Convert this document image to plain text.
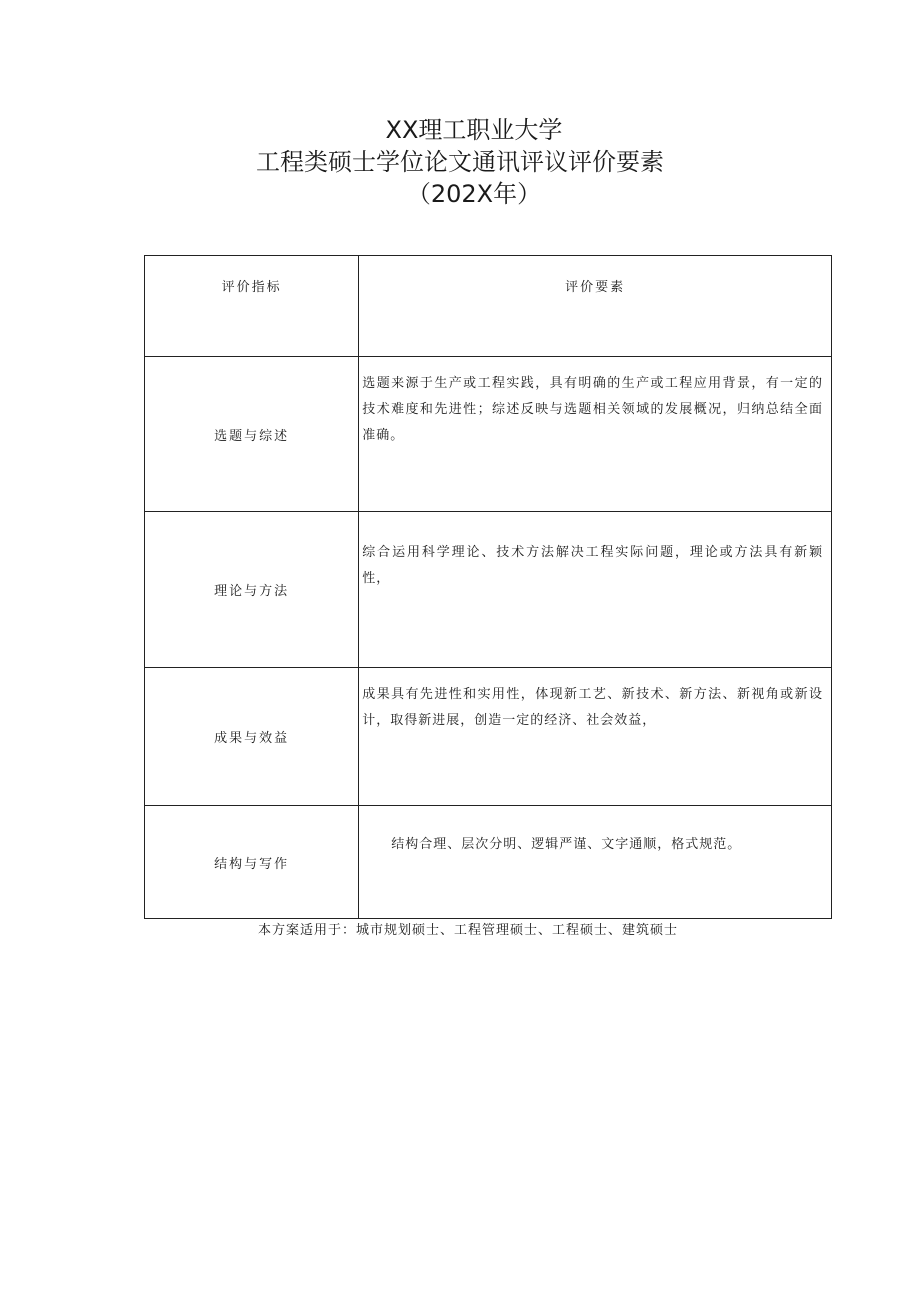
XX理工职业大学
工程类硕士学位论文通讯评议评价要素
（202X年）
评价指标	评价要素
选题与综述	选题来源于生产或工程实践，具有明确的生产或工程应用背景，有一定的技术难度和先进性；综述反映与选题相关领域的发展概况，归纳总结全面准确。
理论与方法	综合运用科学理论、技术方法解决工程实际问题，理论或方法具有新颖性，
成果与效益	成果具有先进性和实用性，体现新工艺、新技术、新方法、新视角或新设计，取得新进展，创造一定的经济、社会效益，
结构与写作	结构合理、层次分明、逻辑严谨、文字通顺，格式规范。
本方案适用于：城市规划硕士、工程管理硕士、工程硕士、建筑硕士
